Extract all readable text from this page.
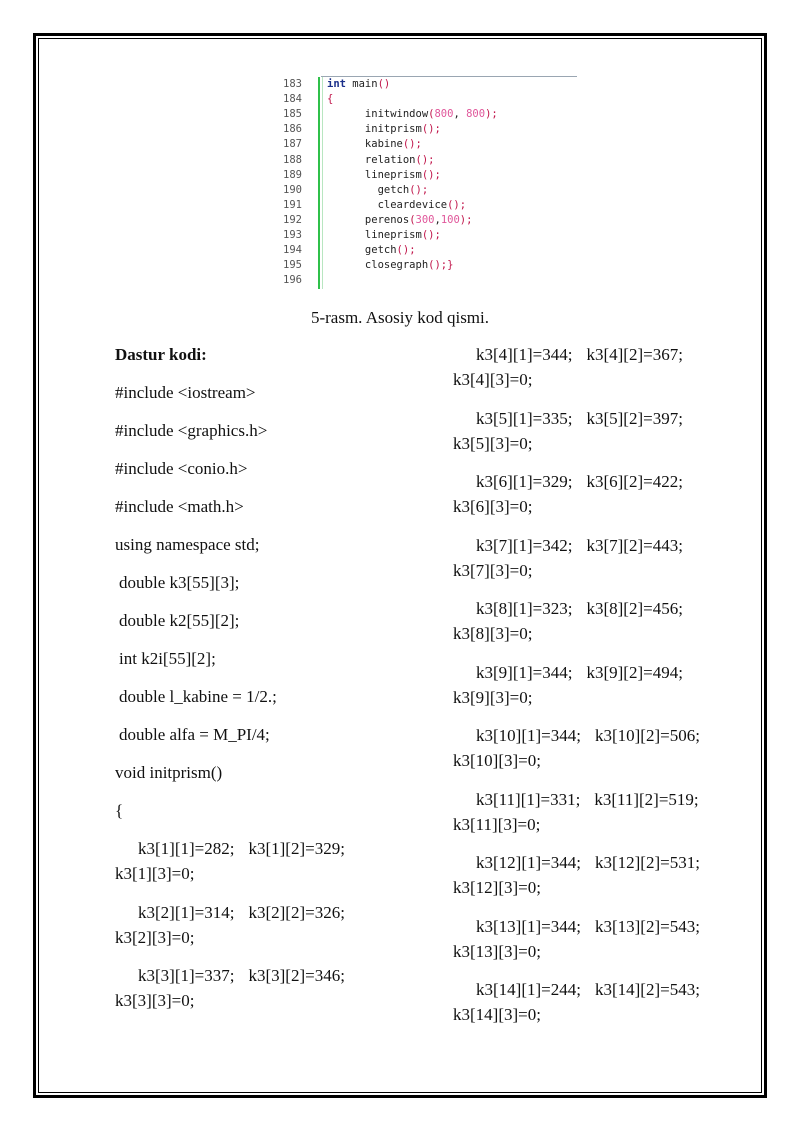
183	int main()
184	{
185	initwindow(800, 800);
186	initprism();
187	kabine();
188	relation();
189	lineprism();
190	getch();
191	cleardevice();
192	perenos(300,100);
193	lineprism();
194	getch();
195	closegraph();}
196
5-rasm. Asosiy kod qismi.
Dastur kodi:
#include <iostream>
#include <graphics.h>
#include <conio.h>
#include <math.h>
using namespace std;
double k3[55][3];
double k2[55][2];
int k2i[55][2];
double l_kabine = 1/2.;
double alfa = M_PI/4;
void initprism()
{
k3[1][1]=282; k3[1][2]=329;
k3[1][3]=0;
k3[2][1]=314; k3[2][2]=326;
k3[2][3]=0;
k3[3][1]=337; k3[3][2]=346;
k3[3][3]=0;
k3[4][1]=344; k3[4][2]=367;
k3[4][3]=0;
k3[5][1]=335; k3[5][2]=397;
k3[5][3]=0;
k3[6][1]=329; k3[6][2]=422;
k3[6][3]=0;
k3[7][1]=342; k3[7][2]=443;
k3[7][3]=0;
k3[8][1]=323; k3[8][2]=456;
k3[8][3]=0;
k3[9][1]=344; k3[9][2]=494;
k3[9][3]=0;
k3[10][1]=344; k3[10][2]=506;
k3[10][3]=0;
k3[11][1]=331; k3[11][2]=519;
k3[11][3]=0;
k3[12][1]=344; k3[12][2]=531;
k3[12][3]=0;
k3[13][1]=344; k3[13][2]=543;
k3[13][3]=0;
k3[14][1]=244; k3[14][2]=543;
k3[14][3]=0;
